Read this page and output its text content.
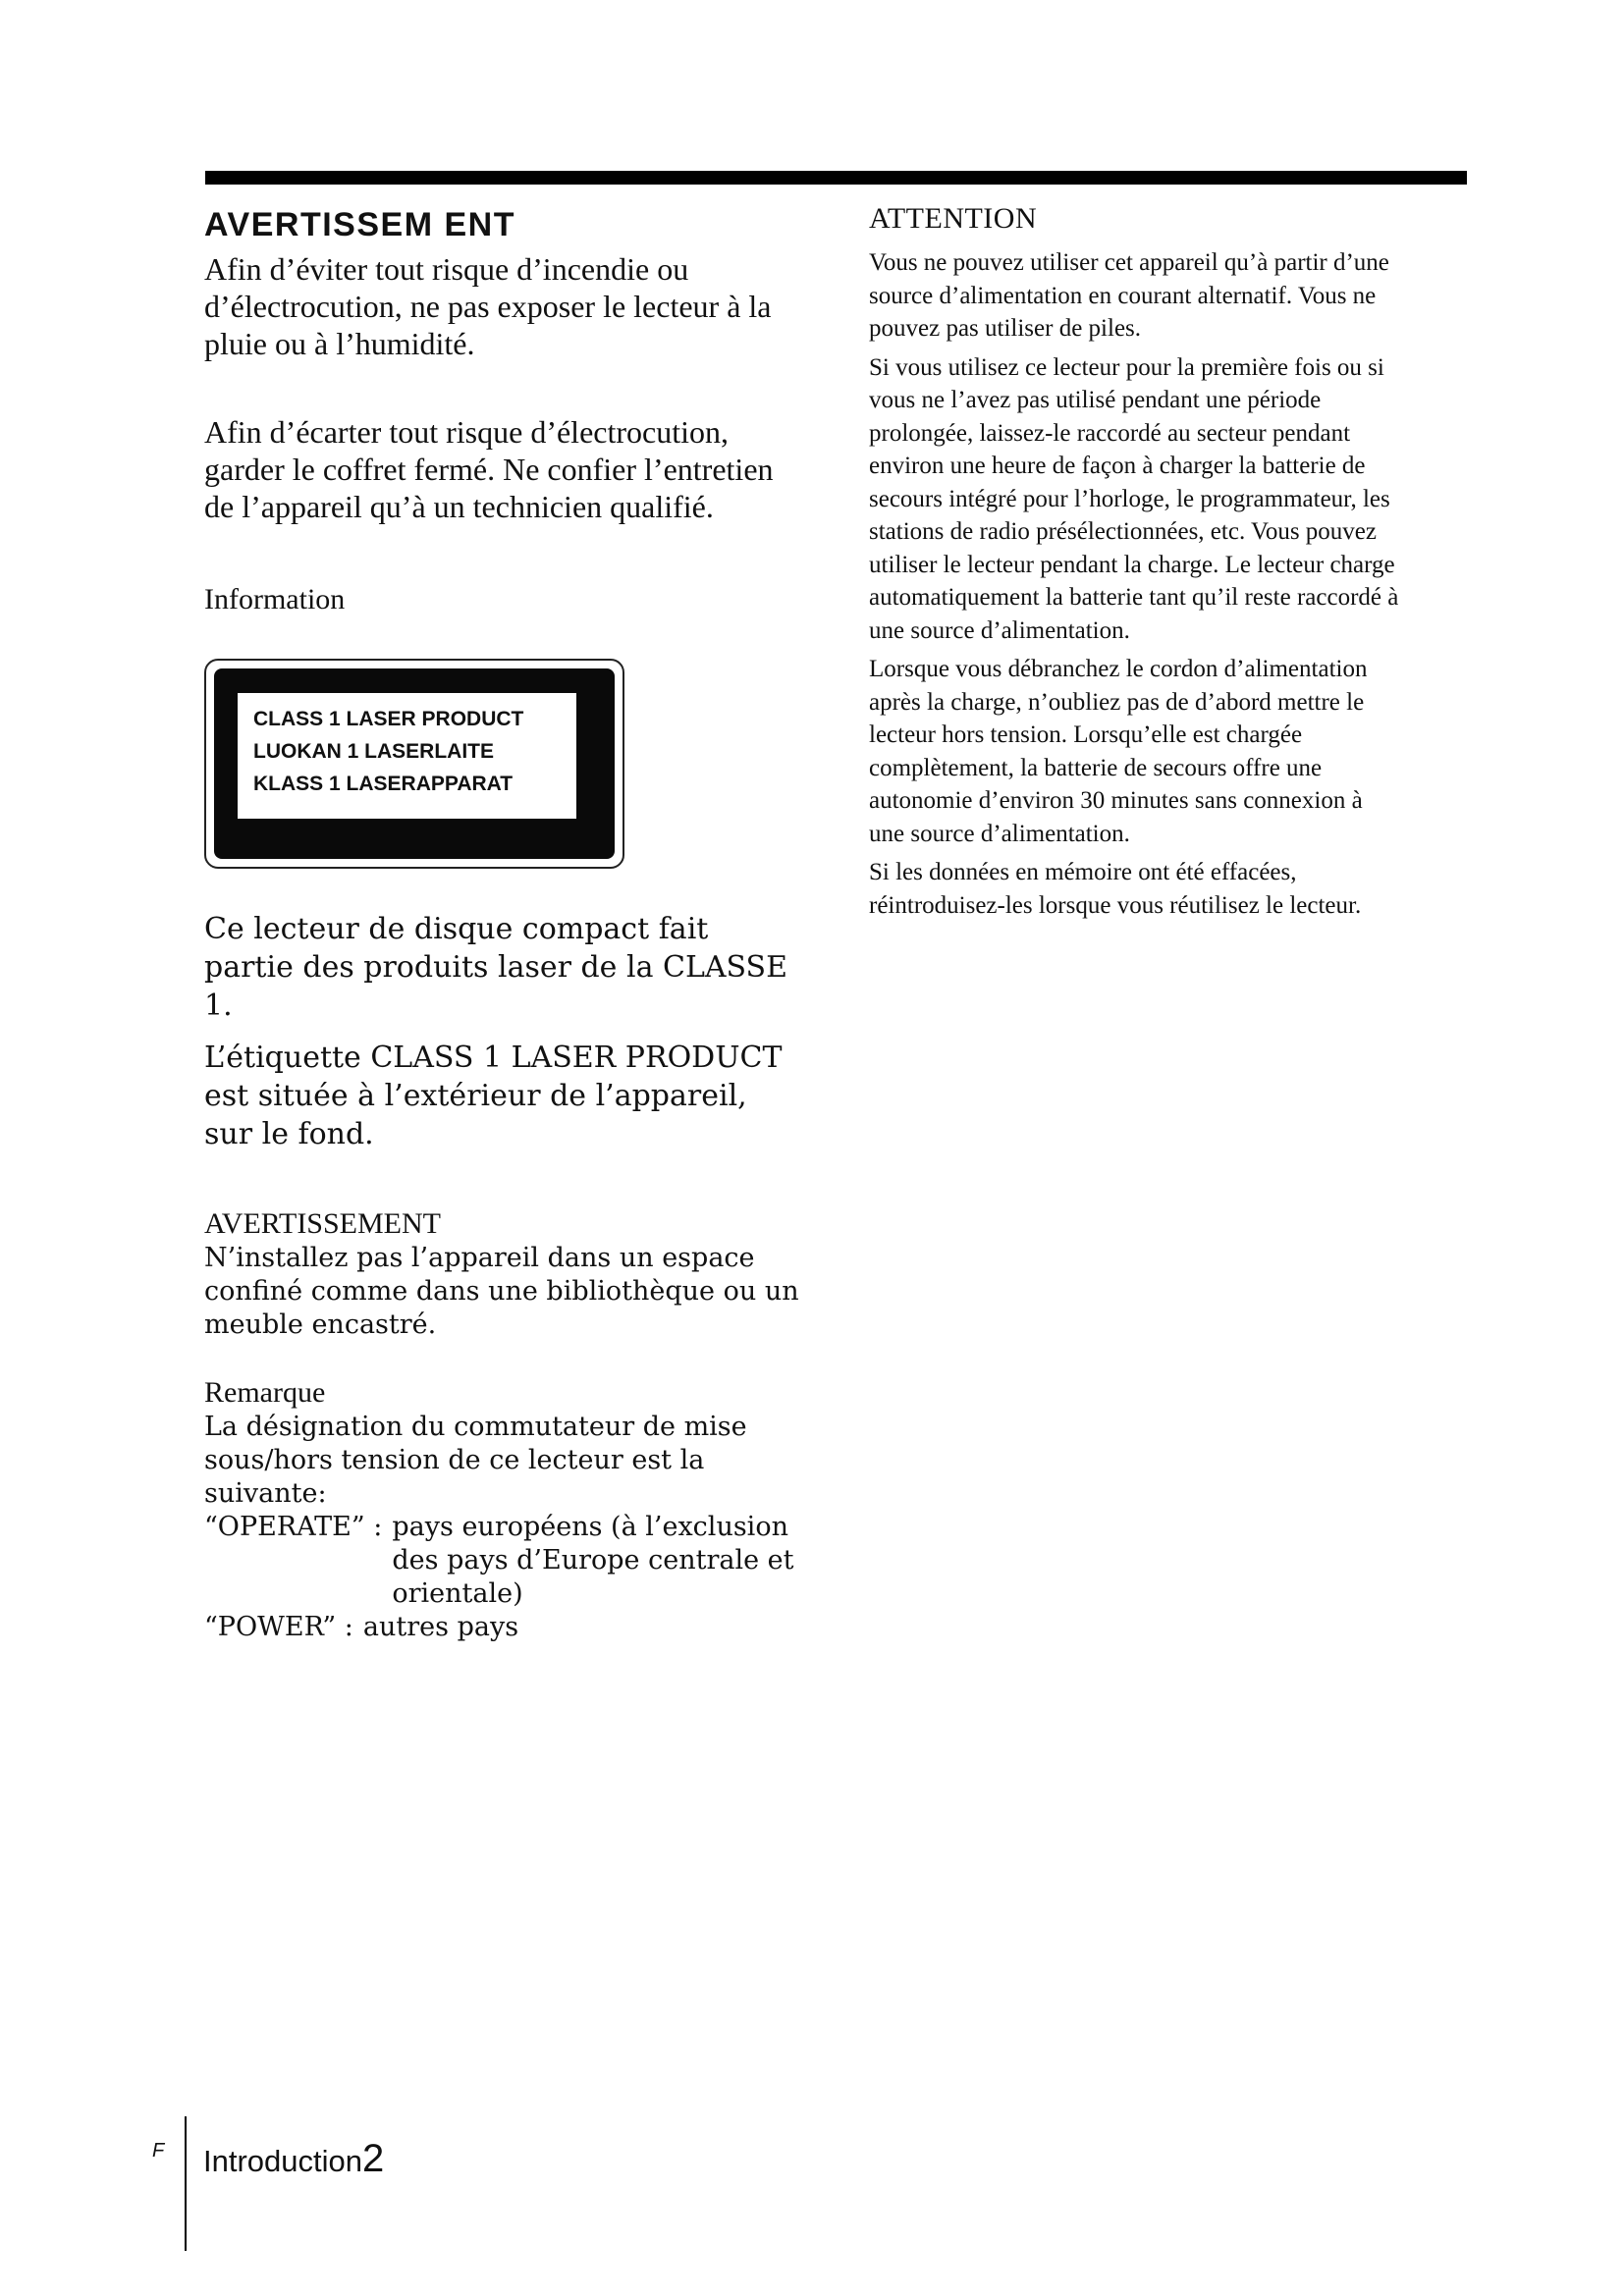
AVERTISSEM ENT

Afin d’éviter tout risque d’incendie ou d’électrocution, ne pas exposer le lecteur à la pluie ou à l’humidité.

Afin d’écarter tout risque d’électrocution, garder le coffret fermé. Ne confier l’entretien de l’appareil qu’à un technicien qualifié.

Information

CLASS 1 LASER PRODUCT
LUOKAN 1 LASERLAITE
KLASS 1 LASERAPPARAT

Ce lecteur de disque compact fait partie des produits laser de la CLASSE 1.

L’étiquette CLASS 1 LASER PRODUCT est située à l’extérieur de l’appareil, sur le fond.

AVERTISSEMENT

N’installez pas l’appareil dans un espace confiné comme dans une bibliothèque ou un meuble encastré.

Remarque

La désignation du commutateur de mise sous/hors tension de ce lecteur est la suivante:

“OPERATE” : pays européens (à l’exclusion des pays d’Europe centrale et orientale)
“POWER” : autres pays

ATTENTION

Vous ne pouvez utiliser cet appareil qu’à partir d’une source d’alimentation en courant alternatif. Vous ne pouvez pas utiliser de piles.

Si vous utilisez ce lecteur pour la première fois ou si vous ne l’avez pas utilisé pendant une période prolongée, laissez-le raccordé au secteur pendant environ une heure de façon à charger la batterie de secours intégré pour l’horloge, le programmateur, les stations de radio présélectionnées, etc. Vous pouvez utiliser le lecteur pendant la charge. Le lecteur charge automatiquement la batterie tant qu’il reste raccordé à une source d’alimentation.

Lorsque vous débranchez le cordon d’alimentation après la charge, n’oubliez pas de d’abord mettre le lecteur hors tension. Lorsqu’elle est chargée complètement, la batterie de secours offre une autonomie d’environ 30 minutes sans connexion à une source d’alimentation.

Si les données en mémoire ont été effacées, réintroduisez-les lorsque vous réutilisez le lecteur.

F Introduction2
